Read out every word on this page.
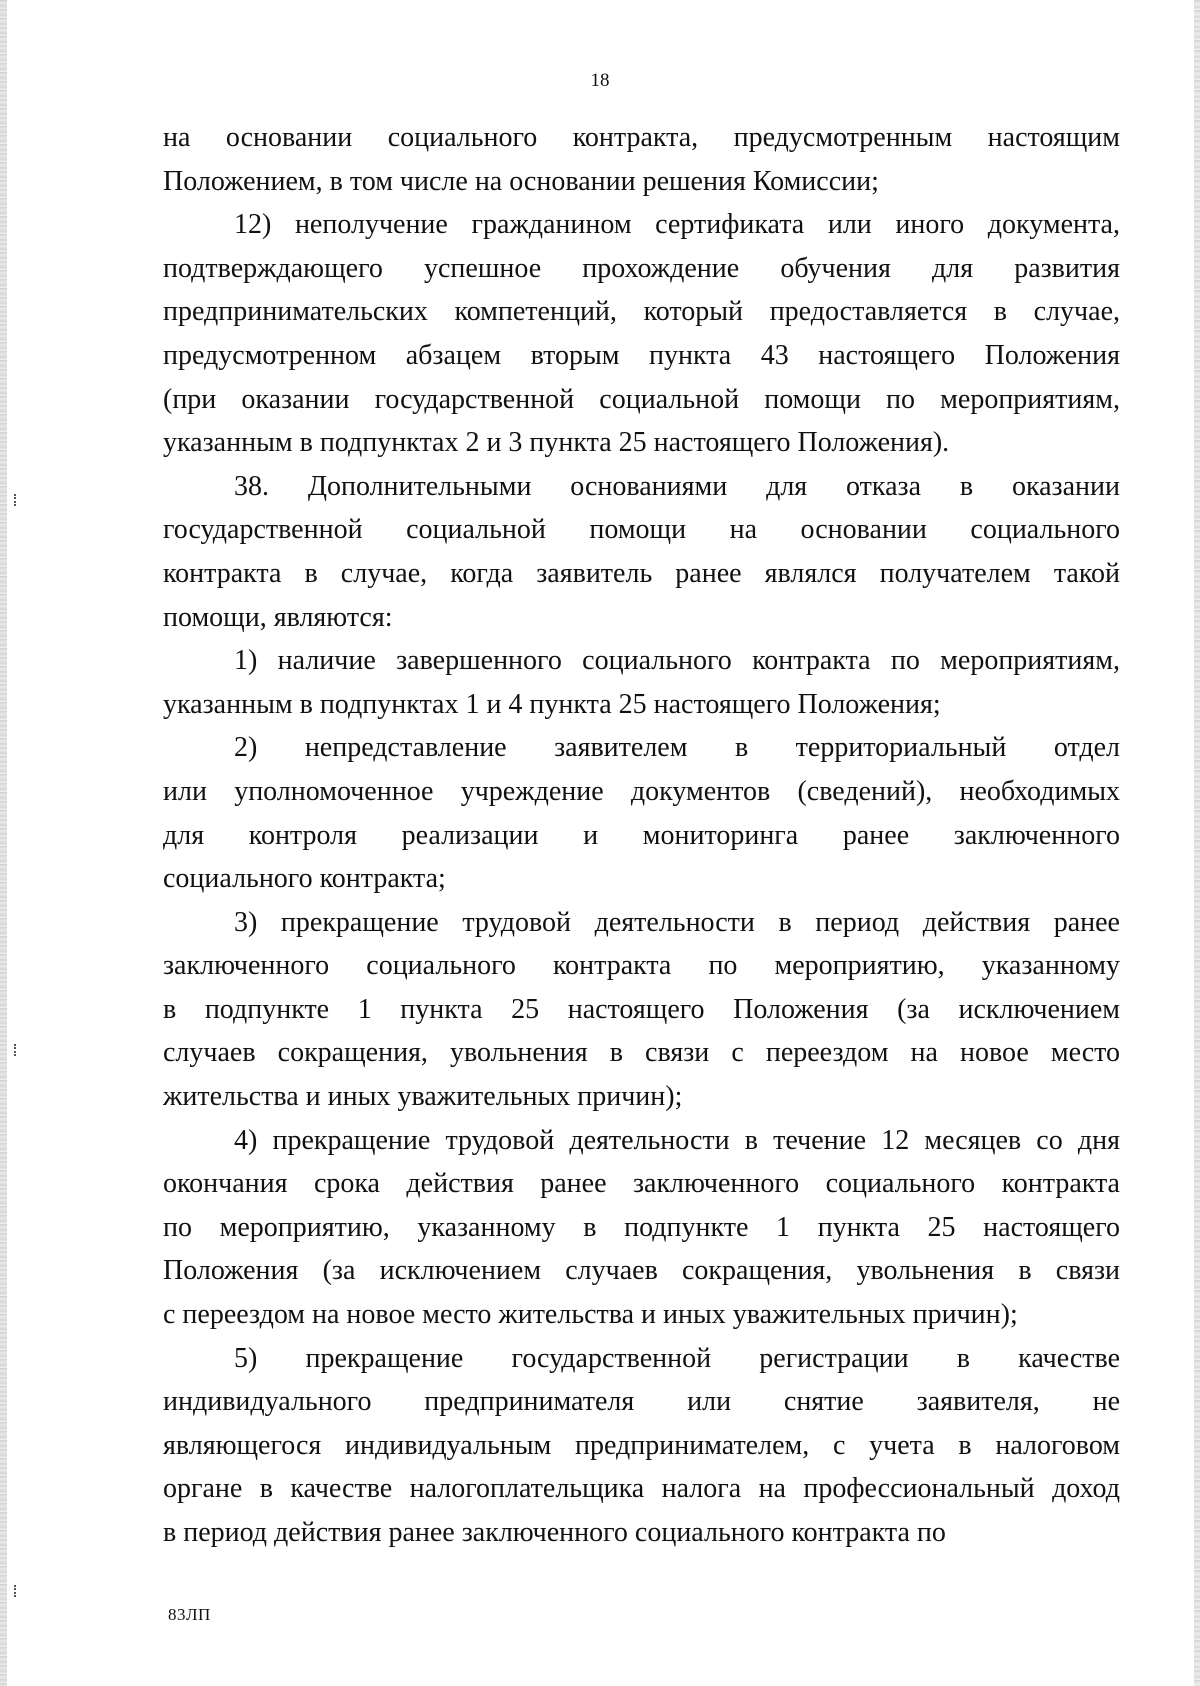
18

на основании социального контракта, предусмотренным настоящим
Положением, в том числе на основании решения Комиссии;

12) неполучение гражданином сертификата или иного документа,
подтверждающего успешное прохождение обучения для развития
предпринимательских компетенций, который предоставляется в случае,
предусмотренном абзацем вторым пункта 43 настоящего Положения
(при оказании государственной социальной помощи по мероприятиям,
указанным в подпунктах 2 и 3 пункта 25 настоящего Положения).

38. Дополнительными основаниями для отказа в оказании
государственной социальной помощи на основании социального
контракта в случае, когда заявитель ранее являлся получателем такой
помощи, являются:

1) наличие завершенного социального контракта по мероприятиям,
указанным в подпунктах 1 и 4 пункта 25 настоящего Положения;

2) непредставление заявителем в территориальный отдел
или уполномоченное учреждение документов (сведений), необходимых
для контроля реализации и мониторинга ранее заключенного
социального контракта;

3) прекращение трудовой деятельности в период действия ранее
заключенного социального контракта по мероприятию, указанному
в подпункте 1 пункта 25 настоящего Положения (за исключением
случаев сокращения, увольнения в связи с переездом на новое место
жительства и иных уважительных причин);

4) прекращение трудовой деятельности в течение 12 месяцев со дня
окончания срока действия ранее заключенного социального контракта
по мероприятию, указанному в подпункте 1 пункта 25 настоящего
Положения (за исключением случаев сокращения, увольнения в связи
с переездом на новое место жительства и иных уважительных причин);

5) прекращение государственной регистрации в качестве
индивидуального предпринимателя или снятие заявителя, не
являющегося индивидуальным предпринимателем, с учета в налоговом
органе в качестве налогоплательщика налога на профессиональный доход
в период действия ранее заключенного социального контракта по

83ЛП
